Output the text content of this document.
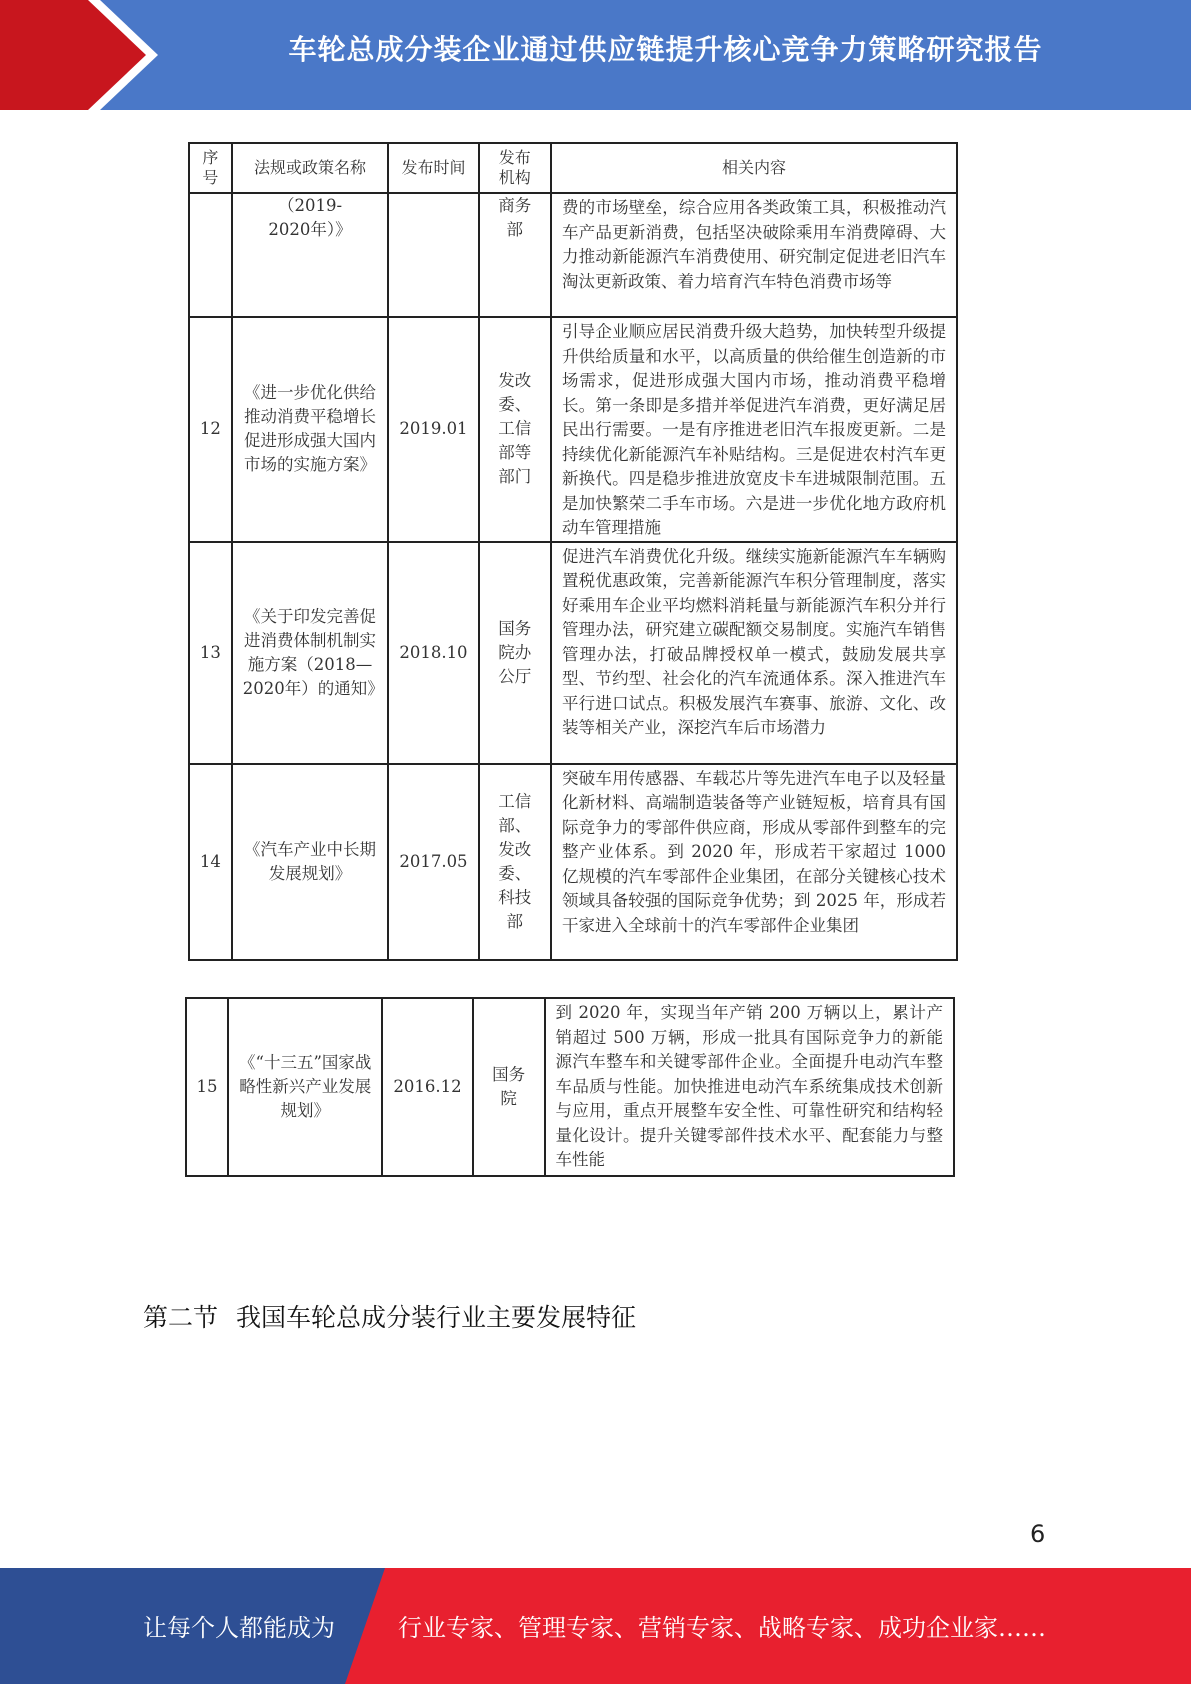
车轮总成分装企业通过供应链提升核心竞争力策略研究报告
序号	法规或政策名称	发布时间	发布机构	相关内容
	（2019-2020年）》		商务部	费的市场壁垒，综合应用各类政策工具，积极推动汽车产品更新消费，包括坚决破除乘用车消费障碍、大力推动新能源汽车消费使用、研究制定促进老旧汽车淘汰更新政策、着力培育汽车特色消费市场等
12	《进一步优化供给推动消费平稳增长促进形成强大国内市场的实施方案》	2019.01	发改委、工信部等部门	引导企业顺应居民消费升级大趋势，加快转型升级提升供给质量和水平，以高质量的供给催生创造新的市场需求，促进形成强大国内市场，推动消费平稳增长。第一条即是多措并举促进汽车消费，更好满足居民出行需要。一是有序推进老旧汽车报废更新。二是持续优化新能源汽车补贴结构。三是促进农村汽车更新换代。四是稳步推进放宽皮卡车进城限制范围。五是加快繁荣二手车市场。六是进一步优化地方政府机动车管理措施
13	《关于印发完善促进消费体制机制实施方案（2018—2020年）的通知》	2018.10	国务院办公厅	促进汽车消费优化升级。继续实施新能源汽车车辆购置税优惠政策，完善新能源汽车积分管理制度，落实好乘用车企业平均燃料消耗量与新能源汽车积分并行管理办法，研究建立碳配额交易制度。实施汽车销售管理办法，打破品牌授权单一模式，鼓励发展共享型、节约型、社会化的汽车流通体系。深入推进汽车平行进口试点。积极发展汽车赛事、旅游、文化、改装等相关产业，深挖汽车后市场潜力
14	《汽车产业中长期发展规划》	2017.05	工信部、发改委、科技部	突破车用传感器、车载芯片等先进汽车电子以及轻量化新材料、高端制造装备等产业链短板，培育具有国际竞争力的零部件供应商，形成从零部件到整车的完整产业体系。到 2020 年，形成若干家超过 1000 亿规模的汽车零部件企业集团，在部分关键核心技术领域具备较强的国际竞争优势；到 2025 年，形成若干家进入全球前十的汽车零部件企业集团
15	《“十三五”国家战略性新兴产业发展规划》	2016.12	国务院	到 2020 年，实现当年产销 200 万辆以上，累计产销超过 500 万辆，形成一批具有国际竞争力的新能源汽车整车和关键零部件企业。全面提升电动汽车整车品质与性能。加快推进电动汽车系统集成技术创新与应用，重点开展整车安全性、可靠性研究和结构轻量化设计。提升关键零部件技术水平、配套能力与整车性能
第二节 我国车轮总成分装行业主要发展特征
6
让每个人都能成为	行业专家、管理专家、营销专家、战略专家、成功企业家……
